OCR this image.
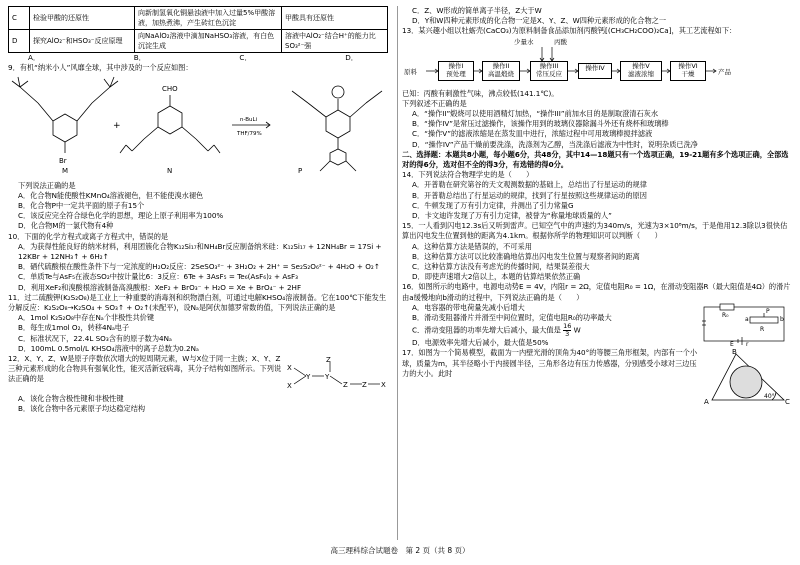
C	检验甲酸的还原性	向新制氢氧化铜悬浊液中加入过量5%甲酸溶液，加热煮沸，产生砖红色沉淀	甲酸具有还原性
D	探究AlO₂⁻和HSO₃⁻反应原理	向NaAlO₂溶液中滴加NaHSO₃溶液，有白色沉淀生成	溶液中AlO₂⁻结合H⁺的能力比SO₃²⁻强
A．	B．	C．	D．

9．有机“纳米小人”风靡全球，其中涉及的一个反应如图：

Br
M
CHO
N
+
n-BuLi
THF/79%
P

下列说法正确的是

A．化合物N能使酸性KMnO₄溶液褪色，但不能使溴水褪色

B．化合物P中一定共平面的原子有15个

C．该反应完全符合绿色化学的思想，理论上原子利用率为100%

D．化合物M的一氯代物有4种

10．下面的化学方程式或离子方程式中，错误的是

A．为获得性能良好的纳米材料，利用团簇化合物K₁₂Si₁₇和NH₄Br反应制备纳米硅：K₁₂Si₁₇ + 12NH₄Br = 17Si + 12KBr + 12NH₃↑ + 6H₂↑

B．硒代硫酸根在酸性条件下与一定浓度的H₂O₂反应：2SeSO₃²⁻ + 3H₂O₂ + 2H⁺ = Se₂S₂O₆²⁻ + 4H₂O + O₂↑

C．单质Te与AsF₅在液态SO₂中按计量比6：3反应：6Te + 3AsF₅ = Te₆(AsF₆)₂ + AsF₃

D．利用XeF₂和溴酸根溶液制备高溴酸根：XeF₂ + BrO₃⁻ + H₂O = Xe + BrO₄⁻ + 2HF

11．过二硫酸钾(K₂S₂O₈)是工业上一种重要的消毒剂和织物漂白剂，可通过电解KHSO₄溶液制备。它在100℃下能发生分解反应：K₂S₂O₈→K₂SO₄ + SO₃↑ + O₂↑(未配平)，设Nₐ是阿伏加德罗常数的值，下列说法正确的是

A．1mol K₂S₂O₈中存在Nₐ个非极性共价键

B．每生成1mol O₂，转移4Nₐ电子

C．标准状况下，22.4L SO₃含有的原子数为4Nₐ

D．100mL 0.5mol/L KHSO₄溶液中的离子总数为0.2Nₐ

12．X、Y、Z、W是原子序数依次增大的短周期元素，W与X位于同一主族；X、Y、Z三种元素形成的化合物具有强氧化性，能灭活新冠病毒，其分子结构如图所示。下列说法正确的是

X
X
Y Y
Z
Z Z X

A．该化合物含极性键和非极性键

B．该化合物中各元素原子均达稳定结构

C．Z、W形成的简单离子半径，Z大于W

D．Y和W四种元素形成的化合物一定是X、Y、Z、W四种元素形成的化合物之一

13．某兴趣小组以牡蛎壳(CaCO₃)为原料制备食品添加剂丙酸钙[(CH₃CH₂COO)₂Ca]，其工艺流程如下：

少量水	丙酸
原料
操作I
预处理
操作II
高温煅烧
操作III
常压反应
操作IV	操作V
滤液浓缩
操作VI
干燥	产品

已知：丙酸有刺激性气味，沸点较低(141.1℃)。

下列叙述不正确的是

A．“操作II”煅烧可以使用酒精灯加热，“操作III”前加水目的是制取澄清石灰水

B．“操作IV”是常压过滤操作，该操作用到的玻璃仪器除漏斗外还有烧杯和玻璃棒

C．“操作V”的滤液浓缩是在蒸发皿中进行，浓缩过程中可用玻璃棒搅拌滤液

D．“操作IV”产品干燥前要洗涤，洗涤剂为乙醇，当洗涤后滤液为中性时，说明杂质已洗净

二、选择题：本题共8小题，每小题6分，共48分，其中14—18题只有一个选项正确，19-21题有多个选项正确，全部选对的得6分，选对但不全的得3分，有选错的得0分。

14．下列说法符合物理学史的是（　　）

A．开普勒在研究第谷的天文观测数据的基础上，总结出了行星运动的规律

B．开普勒总结出了行星运动的规律，找到了行星按照这些规律运动的原因

C．牛顿发现了万有引力定律，并测出了引力常量G

D．卡文迪许发现了万有引力定律，被誉为“称量地球质量的人”

15．一人看到闪电12.3s后又听到雷声。已知空气中的声速约为340m/s，光速为3×10⁸m/s，于是他用12.3除以3很快估算出闪电发生位置到他的距离为4.1km。根据你所学的物理知识可以判断（　　）

A．这种估算方法是错误的，不可采用

B．这种估算方法可以比较准确地估算出闪电发生位置与观察者间的距离

C．这种估算方法没有考虑光的传播时间，结果误差很大

D．即使声速增大2倍以上，本题的估算结果依然正确

16．如图所示的电路中，电源电动势E = 4V，内阻r = 2Ω，定值电阻R₀ = 1Ω，在滑动变阻器R（最大阻值是4Ω）的滑片由a缓慢地向b滑动的过程中，下列说法正确的是（　　）

A．电容器的带电荷量先减小后增大

B．滑动变阻器滑片并滑至中间位置时，定值电阻R₀的功率最大

C．滑动变阻器的功率先增大后减小，最大值是 $\frac{16}{3}$ W

D．电源效率先增大后减小，最大值是50%

R₀
P
R
a	b
E r

17．如图为一个简易模型，截面为一内壁光滑的顶角为40°的等腰三角形框架，内部有一个小球，质量为m，其半径略小于内接圆半径，三角形各边有压力传感器，分别感受小球对三边压力的大小。此时

A
B
C
40°
高三理科综合试题卷　第 2 页（共 8 页）
